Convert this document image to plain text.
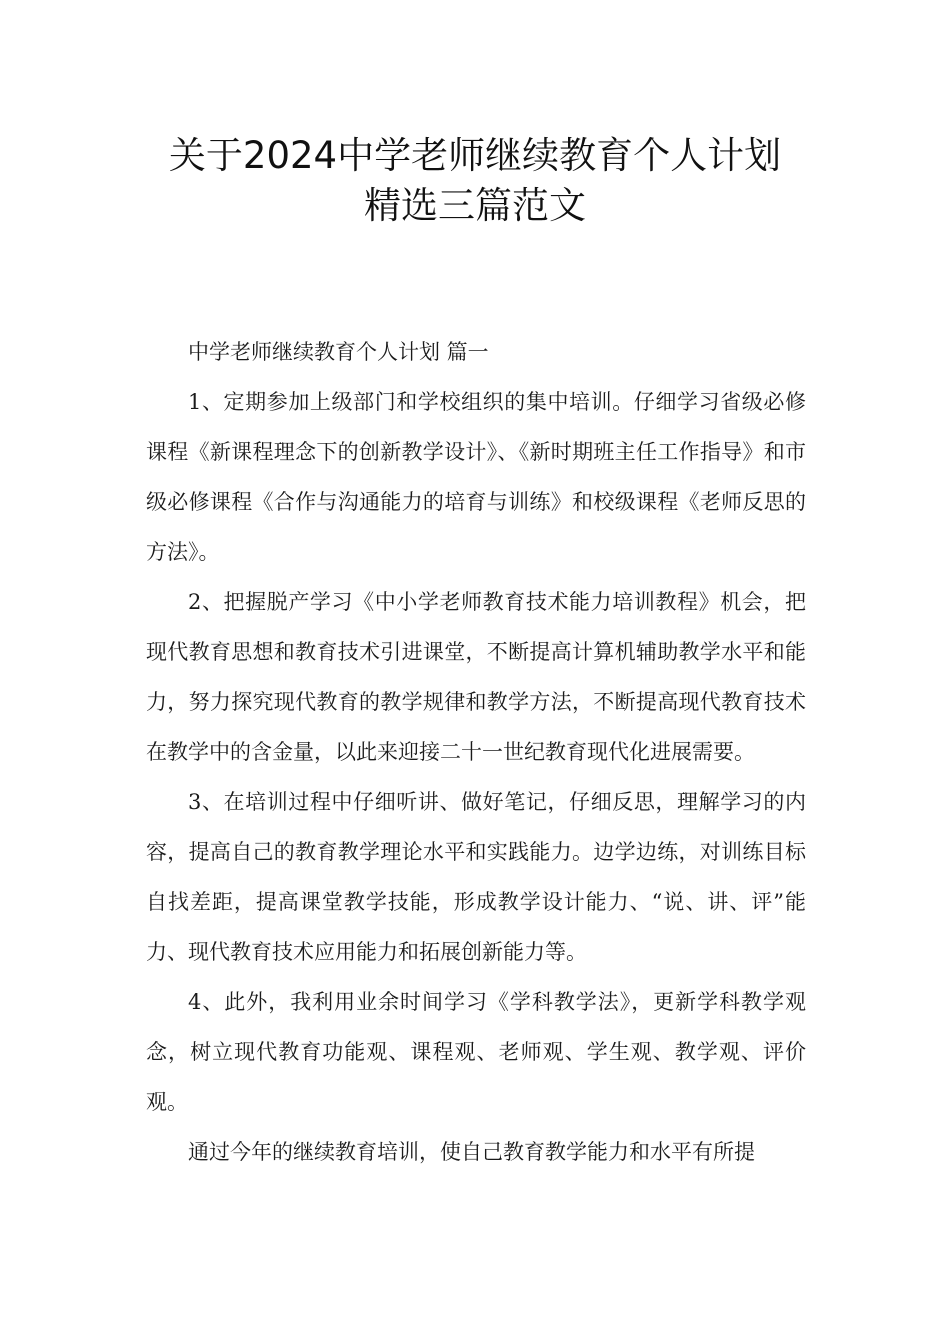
关于2024中学老师继续教育个人计划
精选三篇范文

中学老师继续教育个人计划 篇一

1、定期参加上级部门和学校组织的集中培训。仔细学习省级必修课程《新课程理念下的创新教学设计》、《新时期班主任工作指导》和市级必修课程《合作与沟通能力的培育与训练》和校级课程《老师反思的方法》。

2、把握脱产学习《中小学老师教育技术能力培训教程》机会，把现代教育思想和教育技术引进课堂，不断提高计算机辅助教学水平和能力，努力探究现代教育的教学规律和教学方法，不断提高现代教育技术在教学中的含金量，以此来迎接二十一世纪教育现代化进展需要。

3、在培训过程中仔细听讲、做好笔记，仔细反思，理解学习的内容，提高自己的教育教学理论水平和实践能力。边学边练，对训练目标自找差距，提高课堂教学技能，形成教学设计能力、“说、讲、评”能力、现代教育技术应用能力和拓展创新能力等。

4、此外，我利用业余时间学习《学科教学法》，更新学科教学观念，树立现代教育功能观、课程观、老师观、学生观、教学观、评价观。

通过今年的继续教育培训，使自己教育教学能力和水平有所提
